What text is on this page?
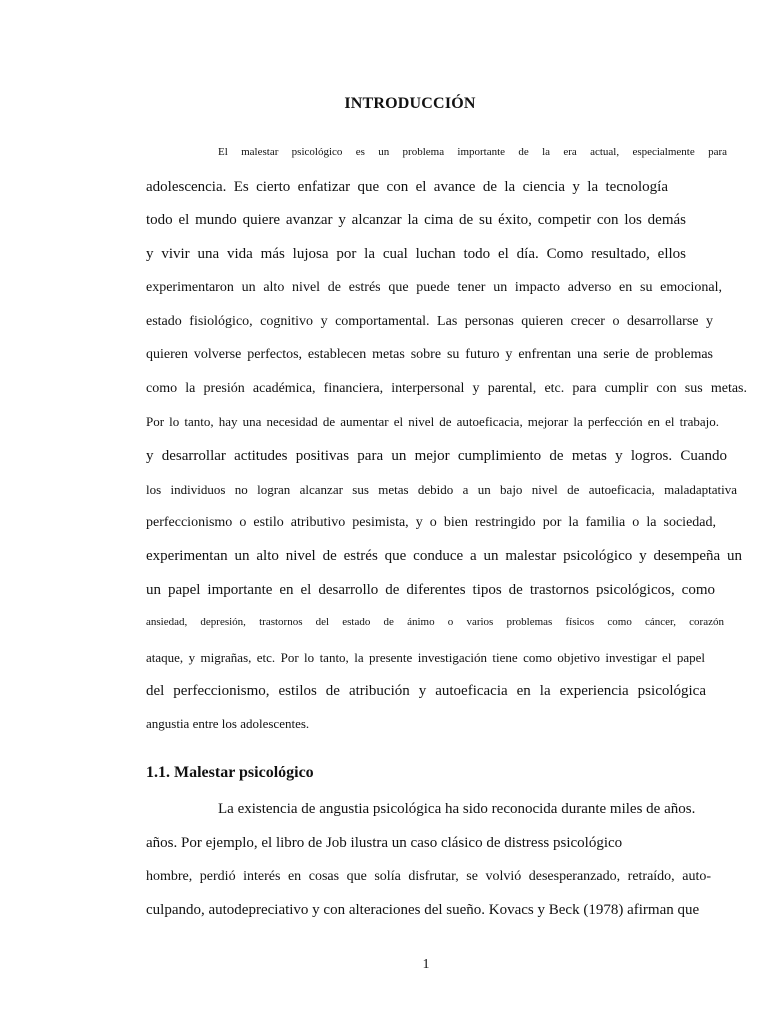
INTRODUCCIÓN
El malestar psicológico es un problema importante de la era actual, especialmente para
adolescencia. Es cierto enfatizar que con el avance de la ciencia y la tecnología
todo el mundo quiere avanzar y alcanzar la cima de su éxito, competir con los demás
y vivir una vida más lujosa por la cual luchan todo el día. Como resultado, ellos
experimentaron un alto nivel de estrés que puede tener un impacto adverso en su emocional,
estado fisiológico, cognitivo y comportamental. Las personas quieren crecer o desarrollarse y
quieren volverse perfectos, establecen metas sobre su futuro y enfrentan una serie de problemas
como la presión académica, financiera, interpersonal y parental, etc. para cumplir con sus metas.
Por lo tanto, hay una necesidad de aumentar el nivel de autoeficacia, mejorar la perfección en el trabajo.
y desarrollar actitudes positivas para un mejor cumplimiento de metas y logros. Cuando
los individuos no logran alcanzar sus metas debido a un bajo nivel de autoeficacia, maladaptativa
perfeccionismo o estilo atributivo pesimista, y o bien restringido por la familia o la sociedad,
experimentan un alto nivel de estrés que conduce a un malestar psicológico y desempeña un
un papel importante en el desarrollo de diferentes tipos de trastornos psicológicos, como
ansiedad, depresión, trastornos del estado de ánimo o varios problemas físicos como cáncer, corazón
ataque, y migrañas, etc. Por lo tanto, la presente investigación tiene como objetivo investigar el papel
del perfeccionismo, estilos de atribución y autoeficacia en la experiencia psicológica
angustia entre los adolescentes.
1.1. Malestar psicológico
La existencia de angustia psicológica ha sido reconocida durante miles de años.
años. Por ejemplo, el libro de Job ilustra un caso clásico de distress psicológico
hombre, perdió interés en cosas que solía disfrutar, se volvió desesperanzado, retraído, auto-
culpando, autodepreciativo y con alteraciones del sueño. Kovacs y Beck (1978) afirman que
1
